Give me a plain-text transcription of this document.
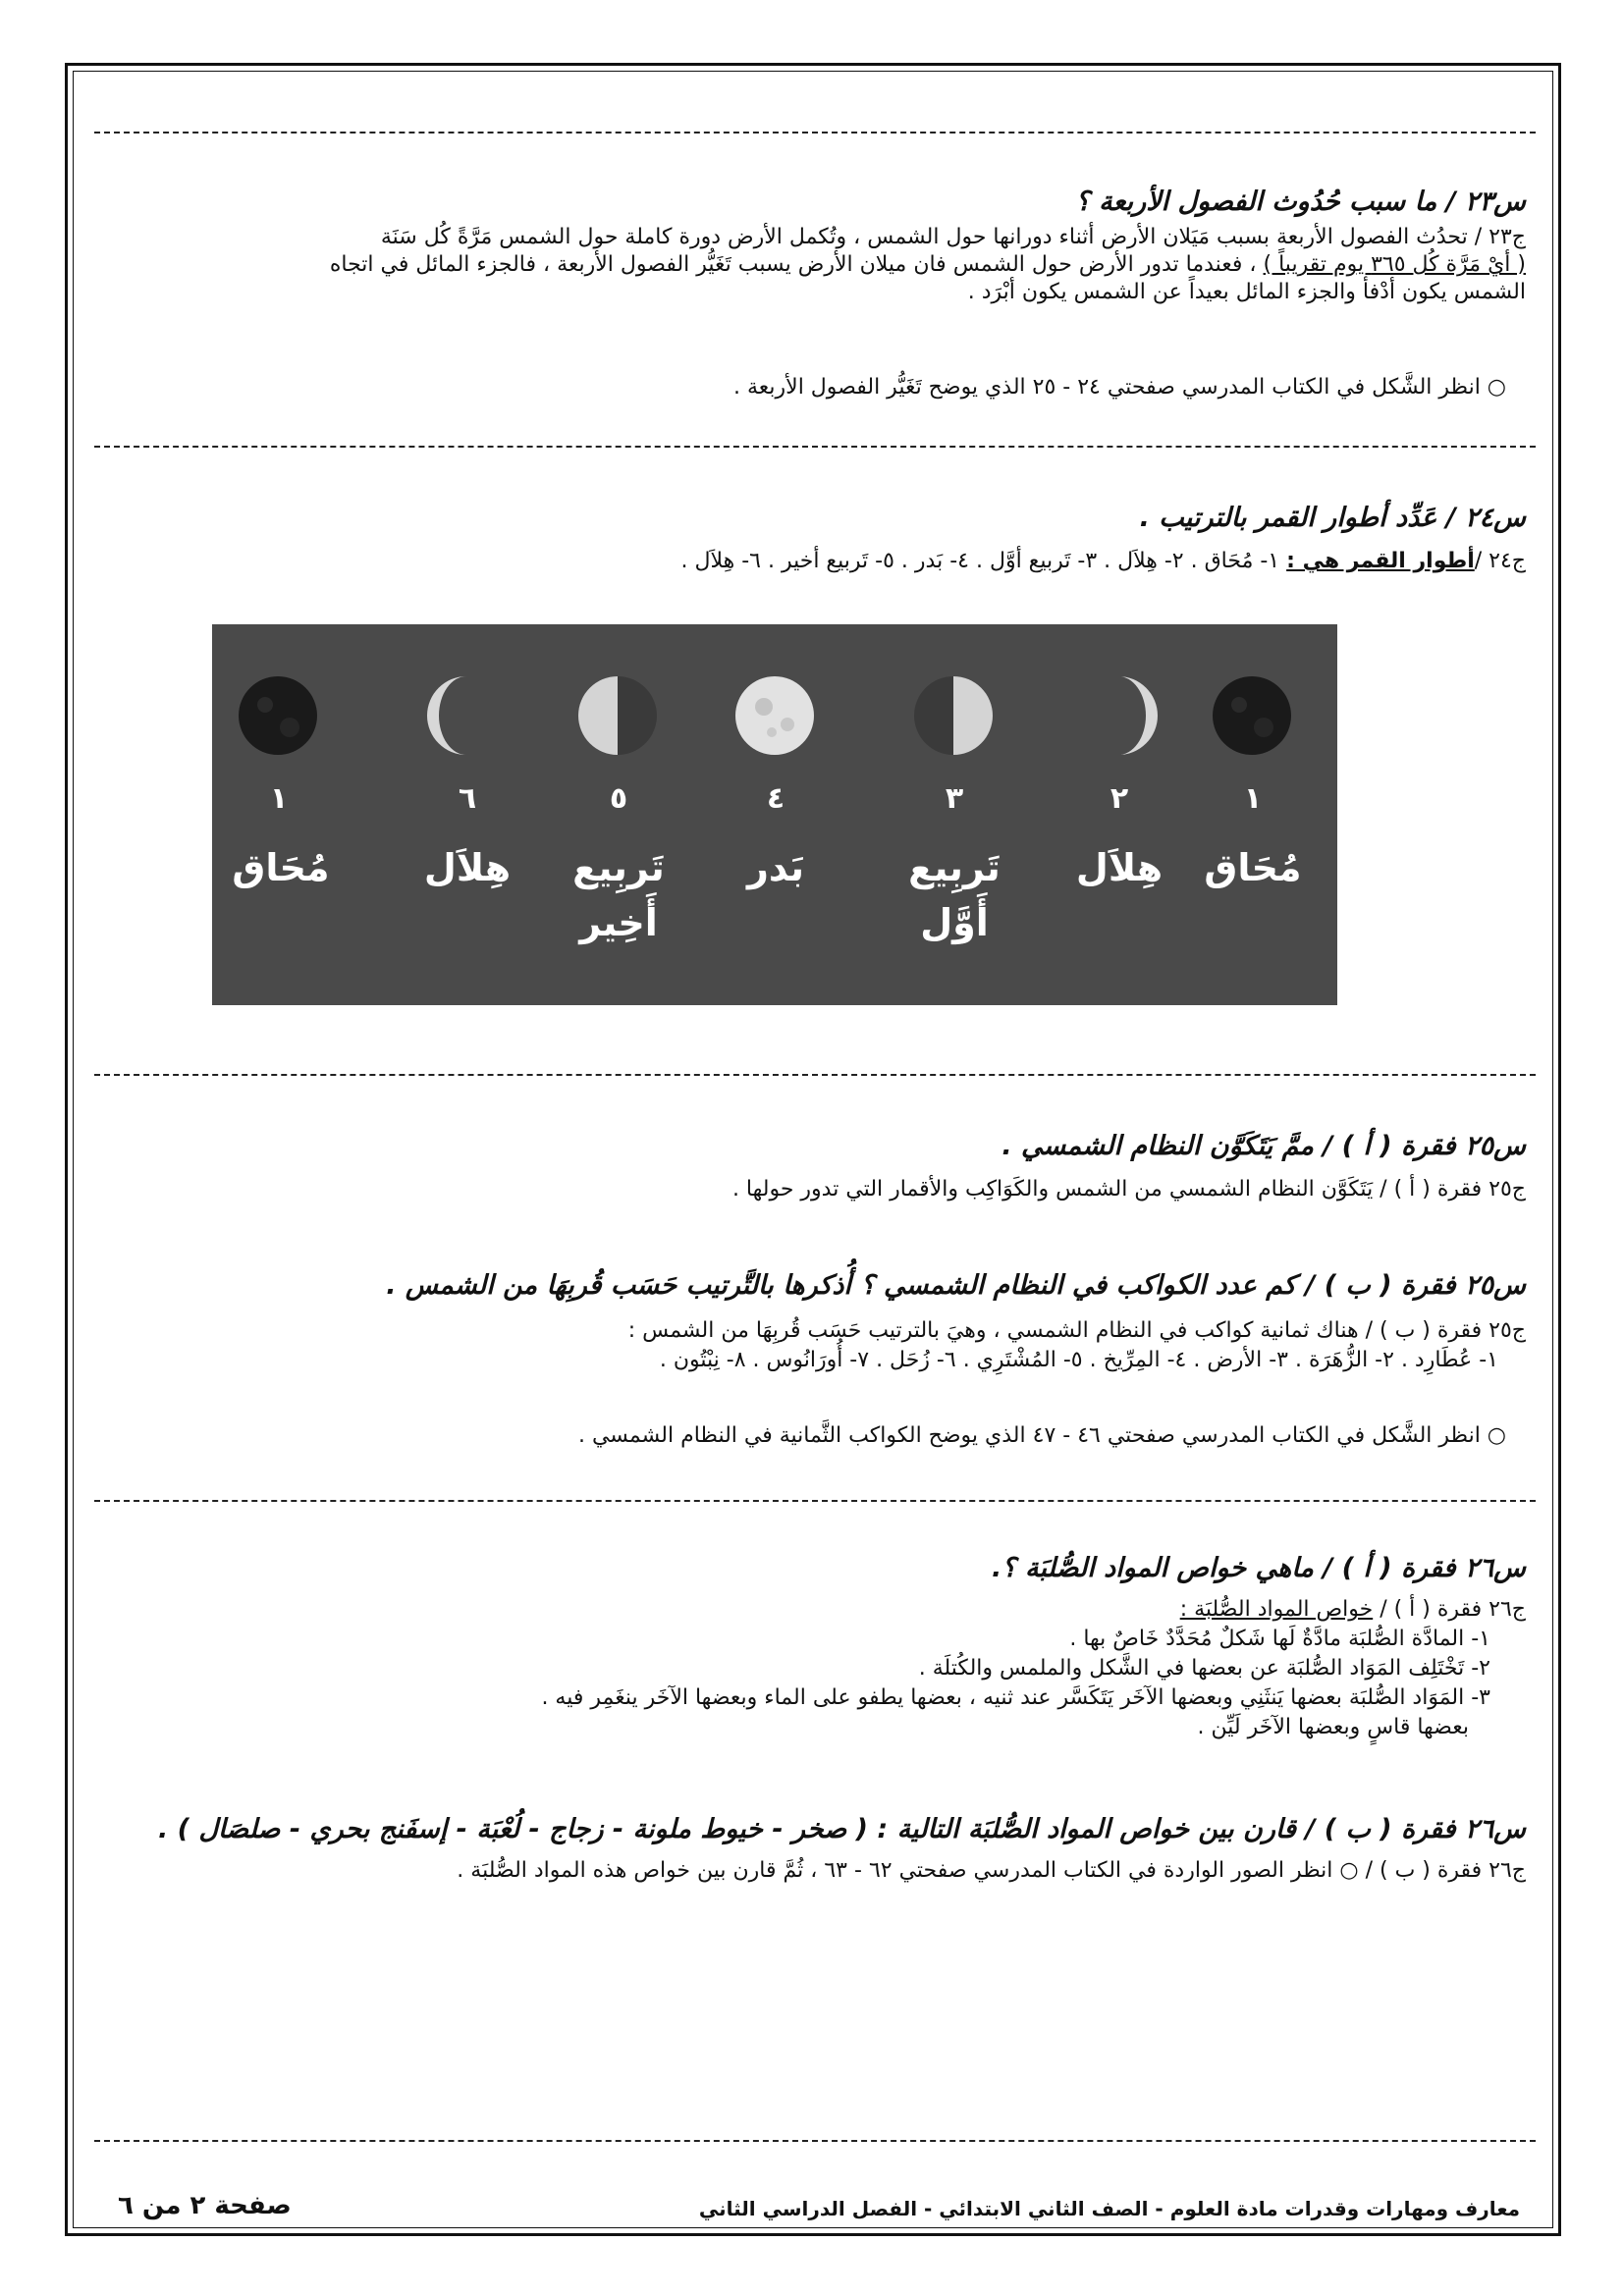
س٢٣ / ما سبب حُدُوث الفصول الأربعة ؟
ج٢٣ / تحدُث الفصول الأربعة بسبب مَيَلان الأرض أثناء دورانها حول الشمس ، وتُكمل الأرض دورة كاملة حول الشمس مَرَّةً كُل سَنَة
( أيْ مَرَّة كُل ٣٦٥ يوم تقريباً ) ، فعندما تدور الأرض حول الشمس فان ميلان الأرض يسبب تَغَيُّر الفصول الأربعة ، فالجزء المائل في اتجاه
الشمس يكون أدْفأ والجزء المائل بعيداً عن الشمس يكون أبْرَد .
○ انظر الشَّكل في الكتاب المدرسي صفحتي ٢٤ - ٢٥ الذي يوضح تَغَيُّر الفصول الأربعة .
س٢٤ / عَدِّد أطوار القمر بالترتيب .
ج٢٤ /أطوار القمر هي : ١- مُحَاق . ٢- هِلاَل . ٣- تَربيع أوَّل . ٤- بَدر . ٥- تَربيع أخير . ٦- هِلاَل .
١
٢
٣
٤
٥
٦
١
مُحَاق
هِلاَل
تَربِيع أَوَّل
بَدر
تَربِيع أَخِير
هِلاَل
مُحَاق
س٢٥ فقرة ( أ ) / ممَّ يَتَكَوَّن النظام الشمسي .
ج٢٥ فقرة ( أ ) / يَتَكَوَّن النظام الشمسي من الشمس والكَوَاكِب والأقمار التي تدور حولها .
س٢٥ فقرة ( ب ) / كم عدد الكواكب في النظام الشمسي ؟ أُذكرها بالتَّرتيب حَسَب قُربِهَا من الشمس .
ج٢٥ فقرة ( ب ) / هناك ثمانية كواكب في النظام الشمسي ، وهيَ بالترتيب حَسَب قُربِهَا من الشمس :
١- عُطَارِد . ٢- الزُّهَرَة . ٣- الأرض . ٤- المِرِّيخ . ٥- المُشْتَرِي . ٦- زُحَل . ٧- أُورَانُوس . ٨- نِبْتُون .
○ انظر الشَّكل في الكتاب المدرسي صفحتي ٤٦ - ٤٧ الذي يوضح الكواكب الثَّمانية في النظام الشمسي .
س٢٦ فقرة ( أ ) / ماهي خواص المواد الصُّلبَة ؟.
ج٢٦ فقرة ( أ ) / خواص المواد الصُّلبَة :
١- المادَّة الصُّلبَة مادَّةٌ لَها شَكلٌ مُحَدَّدٌ خَاصٌ بها .
٢- تَخْتَلِف المَوَاد الصُّلبَة عن بعضها في الشَّكل والملمس والكُتلَة .
٣- المَوَاد الصُّلبَة بعضها يَنثَنِي وبعضها الآخَر يَتَكَسَّر عند ثنيه ، بعضها يطفو على الماء وبعضها الآخَر ينغَمِر فيه .
بعضها قاسٍ وبعضها الآخَر لَيِّن .
س٢٦ فقرة ( ب ) / قارن بين خواص المواد الصُّلبَة التالية : ( صخر - خيوط ملونة - زجاج - لُعْبَة - إسفَنج بحري - صلصَال ) .
ج٢٦ فقرة ( ب ) / ○ انظر الصور الواردة في الكتاب المدرسي صفحتي ٦٢ - ٦٣ ، ثُمَّ قارن بين خواص هذه المواد الصُّلبَة .
صفحة ٢ من ٦	معارف ومهارات وقدرات مادة العلوم - الصف الثاني الابتدائي - الفصل الدراسي الثاني
